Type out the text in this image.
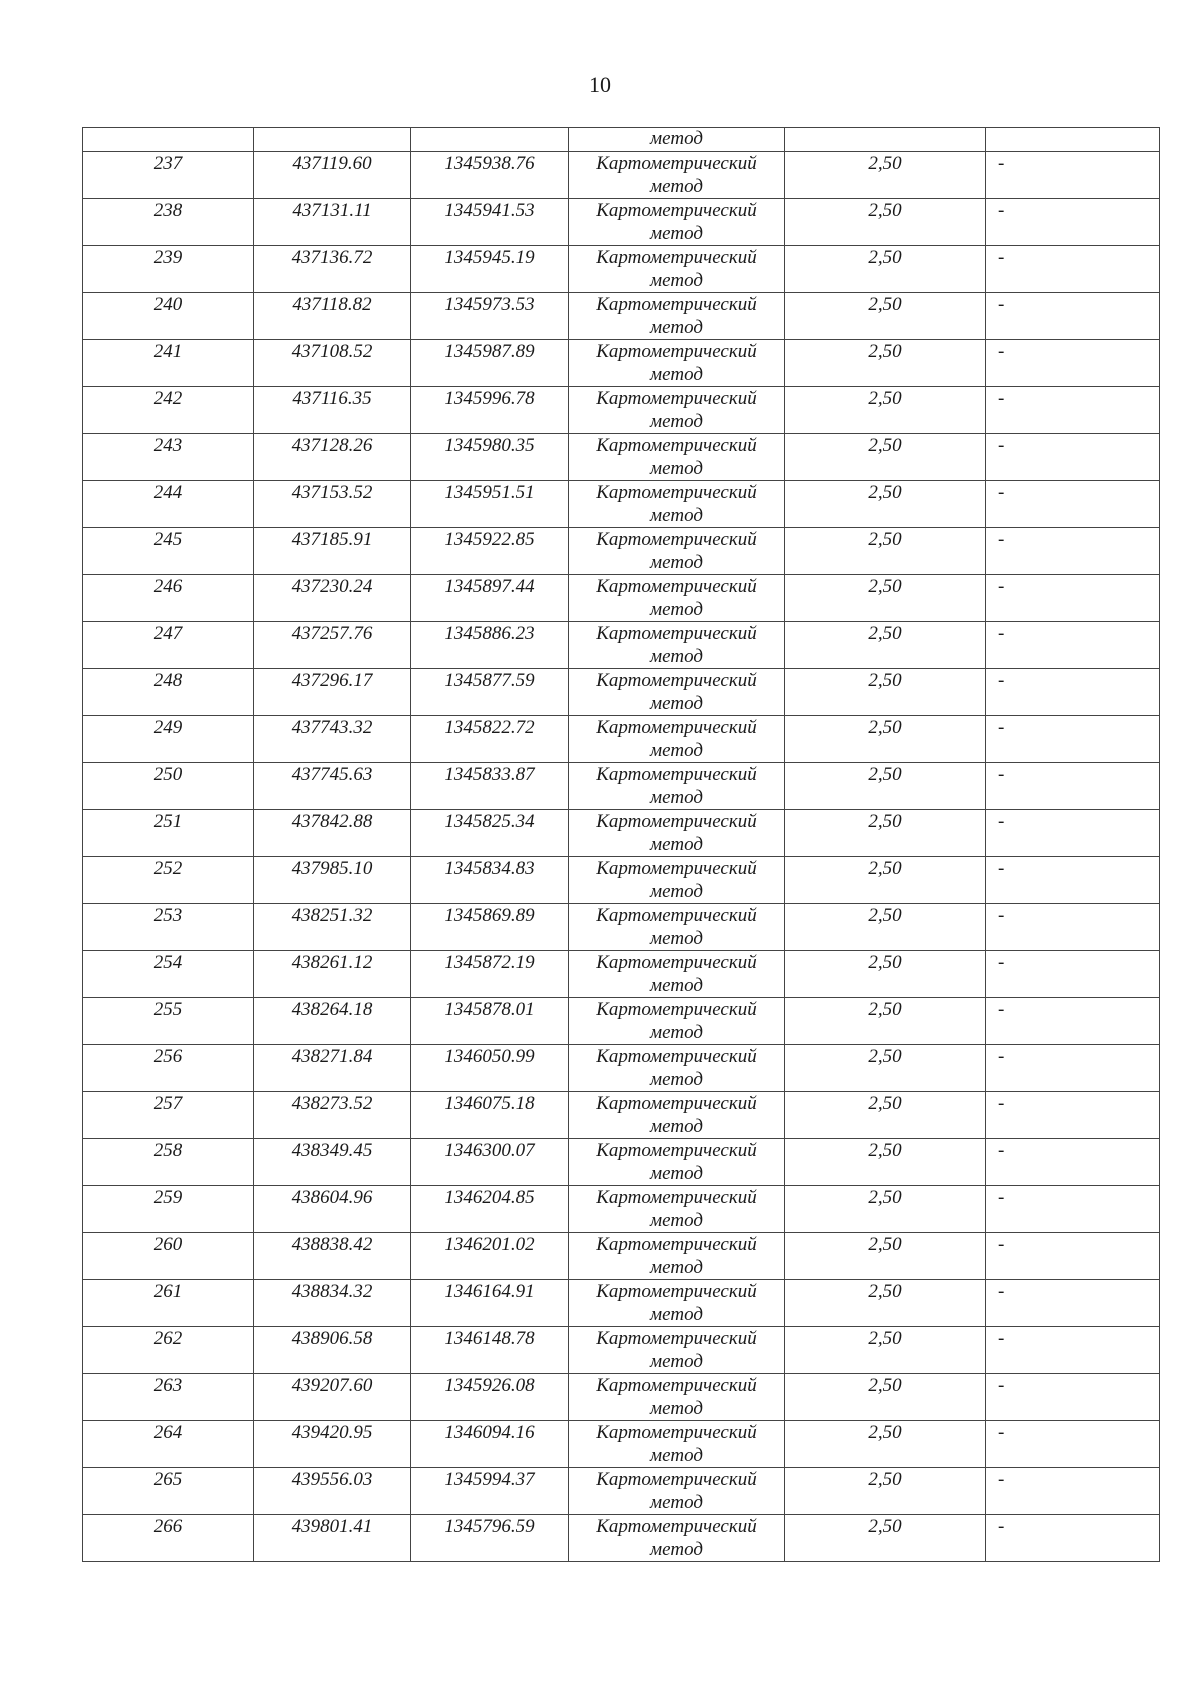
10
			метод		
237	437119.60	1345938.76	Картометрический
метод	2,50	-
238	437131.11	1345941.53	Картометрический
метод	2,50	-
239	437136.72	1345945.19	Картометрический
метод	2,50	-
240	437118.82	1345973.53	Картометрический
метод	2,50	-
241	437108.52	1345987.89	Картометрический
метод	2,50	-
242	437116.35	1345996.78	Картометрический
метод	2,50	-
243	437128.26	1345980.35	Картометрический
метод	2,50	-
244	437153.52	1345951.51	Картометрический
метод	2,50	-
245	437185.91	1345922.85	Картометрический
метод	2,50	-
246	437230.24	1345897.44	Картометрический
метод	2,50	-
247	437257.76	1345886.23	Картометрический
метод	2,50	-
248	437296.17	1345877.59	Картометрический
метод	2,50	-
249	437743.32	1345822.72	Картометрический
метод	2,50	-
250	437745.63	1345833.87	Картометрический
метод	2,50	-
251	437842.88	1345825.34	Картометрический
метод	2,50	-
252	437985.10	1345834.83	Картометрический
метод	2,50	-
253	438251.32	1345869.89	Картометрический
метод	2,50	-
254	438261.12	1345872.19	Картометрический
метод	2,50	-
255	438264.18	1345878.01	Картометрический
метод	2,50	-
256	438271.84	1346050.99	Картометрический
метод	2,50	-
257	438273.52	1346075.18	Картометрический
метод	2,50	-
258	438349.45	1346300.07	Картометрический
метод	2,50	-
259	438604.96	1346204.85	Картометрический
метод	2,50	-
260	438838.42	1346201.02	Картометрический
метод	2,50	-
261	438834.32	1346164.91	Картометрический
метод	2,50	-
262	438906.58	1346148.78	Картометрический
метод	2,50	-
263	439207.60	1345926.08	Картометрический
метод	2,50	-
264	439420.95	1346094.16	Картометрический
метод	2,50	-
265	439556.03	1345994.37	Картометрический
метод	2,50	-
266	439801.41	1345796.59	Картометрический
метод	2,50	-
